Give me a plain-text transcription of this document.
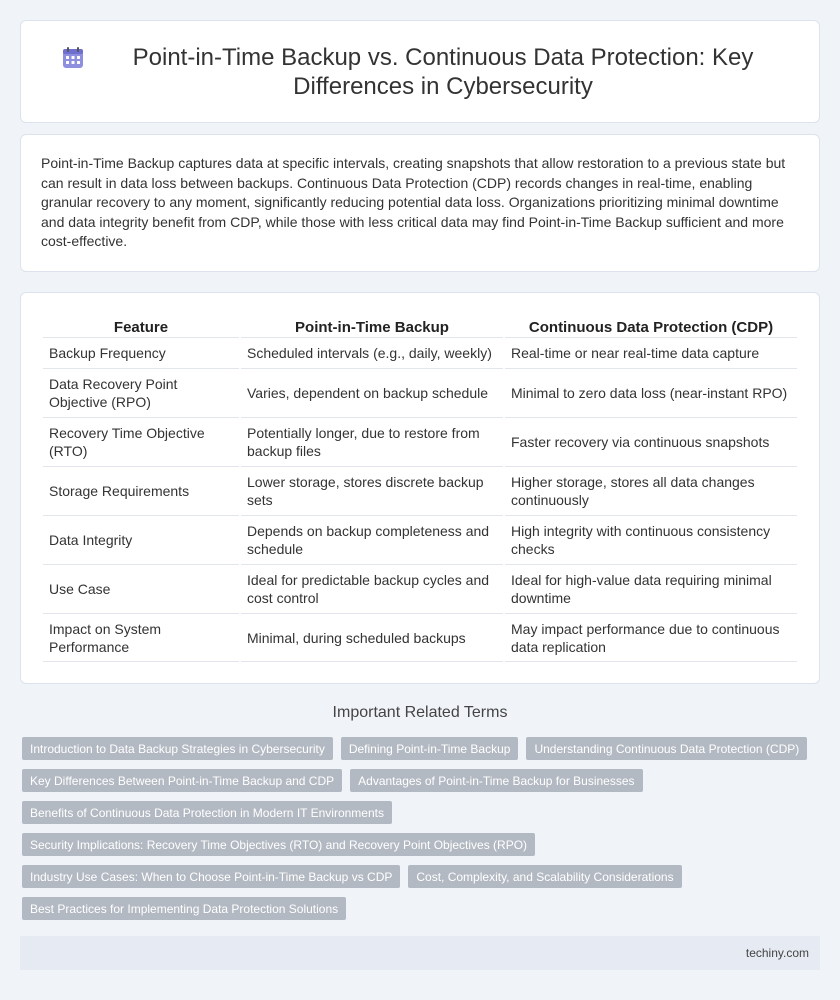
Point-in-Time Backup vs. Continuous Data Protection: Key Differences in Cybersecurity

Point-in-Time Backup captures data at specific intervals, creating snapshots that allow restoration to a previous state but can result in data loss between backups. Continuous Data Protection (CDP) records changes in real-time, enabling granular recovery to any moment, significantly reducing potential data loss. Organizations prioritizing minimal downtime and data integrity benefit from CDP, while those with less critical data may find Point-in-Time Backup sufficient and more cost-effective.

Feature	Point-in-Time Backup	Continuous Data Protection (CDP)
Backup Frequency	Scheduled intervals (e.g., daily, weekly)	Real-time or near real-time data capture
Data Recovery Point Objective (RPO)	Varies, dependent on backup schedule	Minimal to zero data loss (near-instant RPO)
Recovery Time Objective (RTO)	Potentially longer, due to restore from backup files	Faster recovery via continuous snapshots
Storage Requirements	Lower storage, stores discrete backup sets	Higher storage, stores all data changes continuously
Data Integrity	Depends on backup completeness and schedule	High integrity with continuous consistency checks
Use Case	Ideal for predictable backup cycles and cost control	Ideal for high-value data requiring minimal downtime
Impact on System Performance	Minimal, during scheduled backups	May impact performance due to continuous data replication
Important Related Terms
Introduction to Data Backup Strategies in Cybersecurity	Defining Point-in-Time Backup	Understanding Continuous Data Protection (CDP)
Key Differences Between Point-in-Time Backup and CDP	Advantages of Point-in-Time Backup for Businesses
Benefits of Continuous Data Protection in Modern IT Environments
Security Implications: Recovery Time Objectives (RTO) and Recovery Point Objectives (RPO)
Industry Use Cases: When to Choose Point-in-Time Backup vs CDP	Cost, Complexity, and Scalability Considerations
Best Practices for Implementing Data Protection Solutions
techiny.com
